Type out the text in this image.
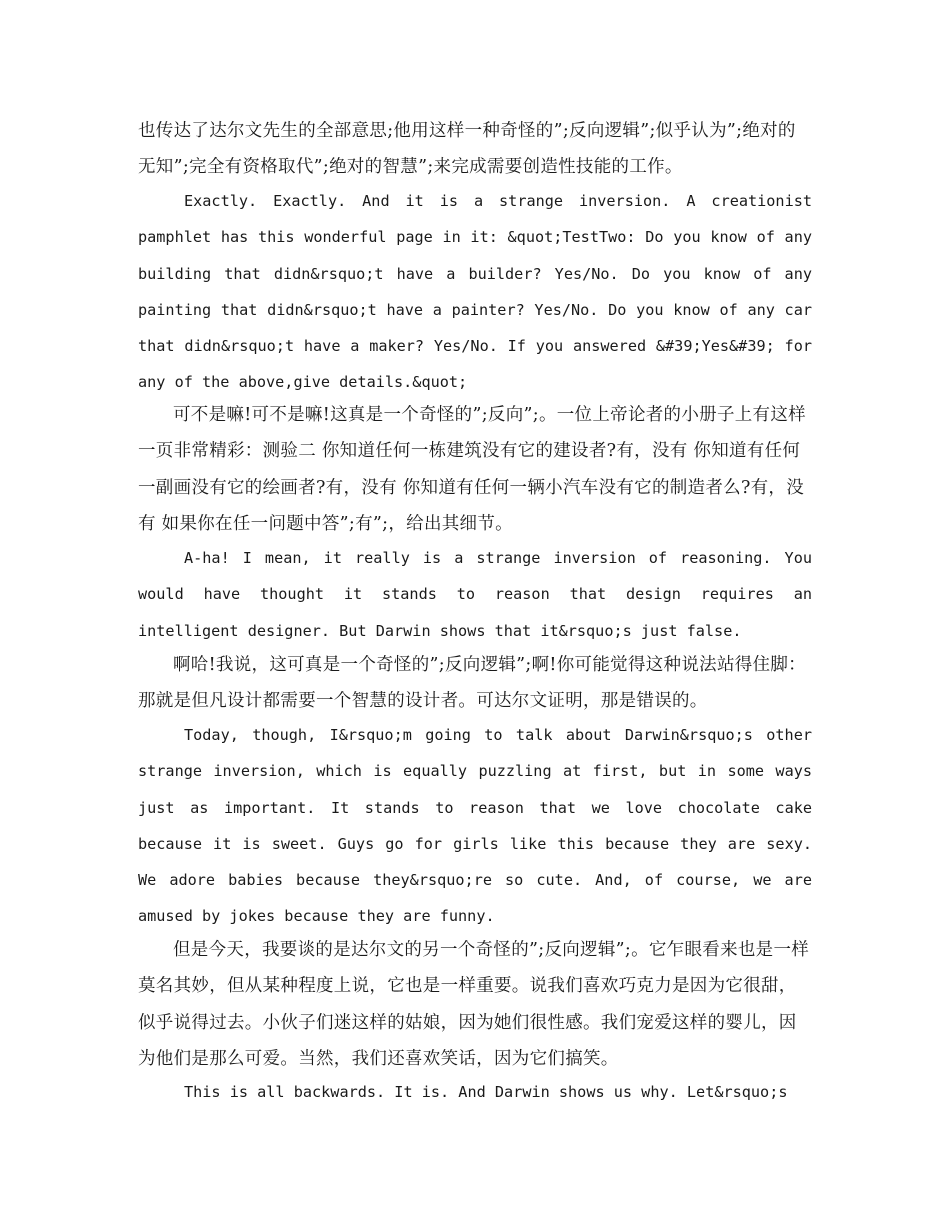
也传达了达尔文先生的全部意思;他用这样一种奇怪的”;反向逻辑”;似乎认为”;绝对的无知”;完全有资格取代”;绝对的智慧”;来完成需要创造性技能的工作。

Exactly. Exactly. And it is a strange inversion. A creationist pamphlet has this wonderful page in it: &quot;TestTwo: Do you know of any building that didn&rsquo;t have a builder? Yes/No. Do you know of any painting that didn&rsquo;t have a painter? Yes/No. Do you know of any car that didn&rsquo;t have a maker? Yes/No. If you answered &#39;Yes&#39; for any of the above,give details.&quot;

可不是嘛!可不是嘛!这真是一个奇怪的”;反向”;。一位上帝论者的小册子上有这样一页非常精彩：测验二 你知道任何一栋建筑没有它的建设者?有，没有 你知道有任何一副画没有它的绘画者?有，没有 你知道有任何一辆小汽车没有它的制造者么?有，没有 如果你在任一问题中答”;有”;，给出其细节。

A-ha! I mean, it really is a strange inversion of reasoning. You would have thought it stands to reason that design requires an intelligent designer. But Darwin shows that it&rsquo;s just false.

啊哈!我说，这可真是一个奇怪的”;反向逻辑”;啊!你可能觉得这种说法站得住脚：那就是但凡设计都需要一个智慧的设计者。可达尔文证明，那是错误的。

Today, though, I&rsquo;m going to talk about Darwin&rsquo;s other strange inversion, which is equally puzzling at first, but in some ways just as important. It stands to reason that we love chocolate cake because it is sweet. Guys go for girls like this because they are sexy. We adore babies because they&rsquo;re so cute. And, of course, we are amused by jokes because they are funny.

但是今天，我要谈的是达尔文的另一个奇怪的”;反向逻辑”;。它乍眼看来也是一样莫名其妙，但从某种程度上说，它也是一样重要。说我们喜欢巧克力是因为它很甜，似乎说得过去。小伙子们迷这样的姑娘，因为她们很性感。我们宠爱这样的婴儿，因为他们是那么可爱。当然，我们还喜欢笑话，因为它们搞笑。

This is all backwards. It is. And Darwin shows us why. Let&rsquo;s
